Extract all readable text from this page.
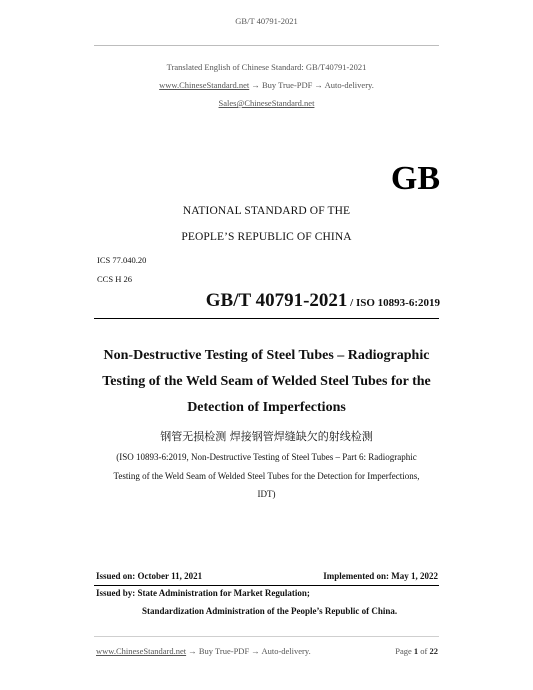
GB/T 40791-2021
Translated English of Chinese Standard: GB/T40791-2021
www.ChineseStandard.net → Buy True-PDF → Auto-delivery.
Sales@ChineseStandard.net
GB
NATIONAL STANDARD OF THE
PEOPLE’S REPUBLIC OF CHINA
ICS 77.040.20
CCS H 26
GB/T 40791-2021 / ISO 10893-6:2019
Non-Destructive Testing of Steel Tubes – Radiographic
Testing of the Weld Seam of Welded Steel Tubes for the
Detection of Imperfections
钢管无损检测 焊接钢管焊缝缺欠的射线检测
(ISO 10893-6:2019, Non-Destructive Testing of Steel Tubes – Part 6: Radiographic
Testing of the Weld Seam of Welded Steel Tubes for the Detection for Imperfections,
IDT)
Issued on: October 11, 2021	Implemented on: May 1, 2022
Issued by: State Administration for Market Regulation;
Standardization Administration of the People’s Republic of China.
www.ChineseStandard.net → Buy True-PDF → Auto-delivery.	Page 1 of 22
